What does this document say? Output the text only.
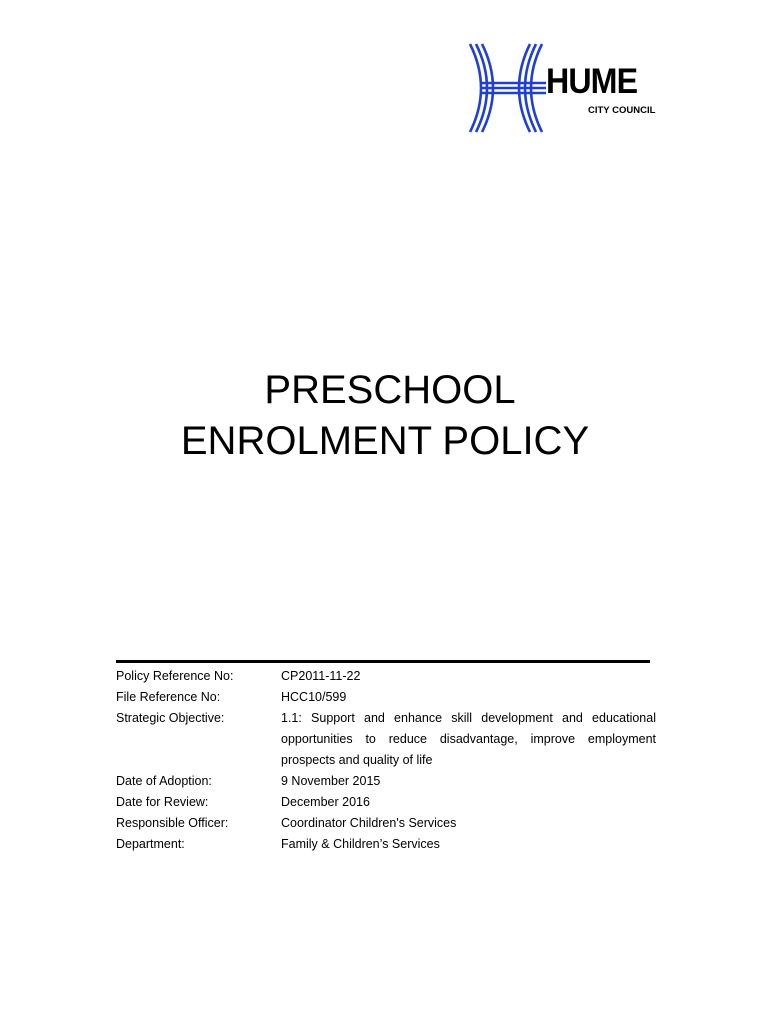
HUME
CITY COUNCIL
PRESCHOOL
ENROLMENT POLICY
Policy Reference No:	CP2011-11-22
File Reference No:	HCC10/599
Strategic Objective:	1.1: Support and enhance skill development and educational opportunities to reduce disadvantage, improve employment prospects and quality of life
Date of Adoption:	9 November 2015
Date for Review:	December 2016
Responsible Officer:	Coordinator Children's Services
Department:	Family & Children’s Services
